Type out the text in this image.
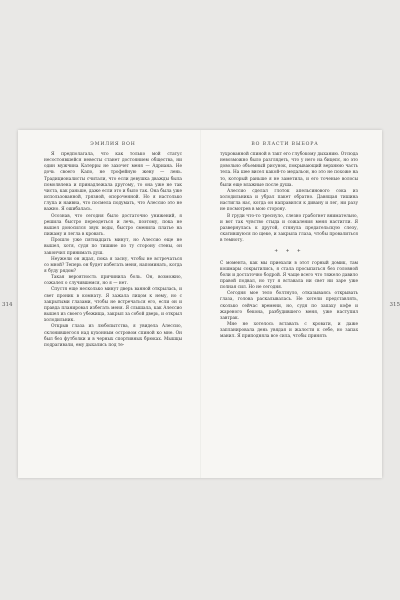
ЭМИЛИЯ ВОН	ВО ВЛАСТИ ВЫБОРА
314	315

Я предполагала, что как только мой статус несостоявшейся невесты станет достоянием общества, ни один мужчина Катерры не захочет меня — Адриана. Не дочь своего Капо, не трофейную жену — лень. Традиционалисты считали, что если девушка дважды была помолвлена и принадлежала другому, то она уже не так чиста, как раньше, даже если это и было так. Она была уже использованной, грязной, опороченной. Но я настолько глупа и наивна, что посмела подумать, что Алессио это не важно. Я ошибалась.

Осознав, что сегодня было достаточно унижений, я решила быстро переодеться и лечь, поэтому, пока не вышел доносился звук воды, быстро сменила платье на пижаму и легла в кровать.

Прошло уже пятнадцать минут, но Алессио еще не вышел, хотя, судя по тишине по ту сторону стены, он закончил принимать душ.

Неужели он ждал, пока я засну, чтобы не встречаться со мной? Теперь он будет избегать меня, напоминать, когда я буду рядом?

Такая вероятность причинила боль. Он, возможно, сожалел о случившемся, но я — нет.

Спустя еще несколько минут дверь ванной открылась, и свет проник в комнату. Я зажала лицом к нему, но с закрытыми глазами, чтобы не встречаться его, если он и правда планировал избегать меня. Я слышала, как Алессио вышел из своего убежища, закрыл за собой дверь, и открыл холодильник.

Открыв глаза из любопытства, я увидела Алессио, склонившегося над кухонным островом спиной ко мне. Он был без футболки и в черных спортивных брюках. Мышцы подрагивали, ему дыхались под те-

тухрованной спиной в такт его глубокому дыханию. Отсюда невозможно было разглядеть, что у него на бицепс, но это довольно объемный рисунок, покрывающий верхнюю часть тела. На шее висел какой-то медальон, но это не похоже на то, который раньше я не заметила, и его точеные волосы были еще влажные после душа.

Алессио сделал глоток апельсинового сока из холодильника и убрал пакет обратно. Давящая тишина настигла нас, когда он направился к дивану и лег, ни разу не посмотрев в мою сторону.

В груди что-то треснуло, слезно грабогнет внимательно, и вот так чувство стыда и сожаления меня настигли. Я развернулась к другой, стянула предательскую слезу, скатившуюся по щеке, и закрыла глаза, чтобы провалиться в темноту.

+ + +

С момента, как мы приехали в этот горный домик, там кошмары сокрытились, я стала просыпаться без головной боли и достаточно бодрой. Я чаще всего что тяжело давило правой подвал, но тут я вставала ни свет ни заре уже полная сил. Но не сегодня.

Сегодня мое тело болтнуло, отказываясь открывать глаза, голова раскалывалась. Не хотели представлять, сколько сейчас времени, но, судя по запаху кофе и жареного бекона, разбудившего меня, уже наступил завтрак.

Мне не хотелось вставать с кровати, и даже запланировала день увядая и жалости к себе, но запах манил. Я приподняла все сила, чтобы принять
